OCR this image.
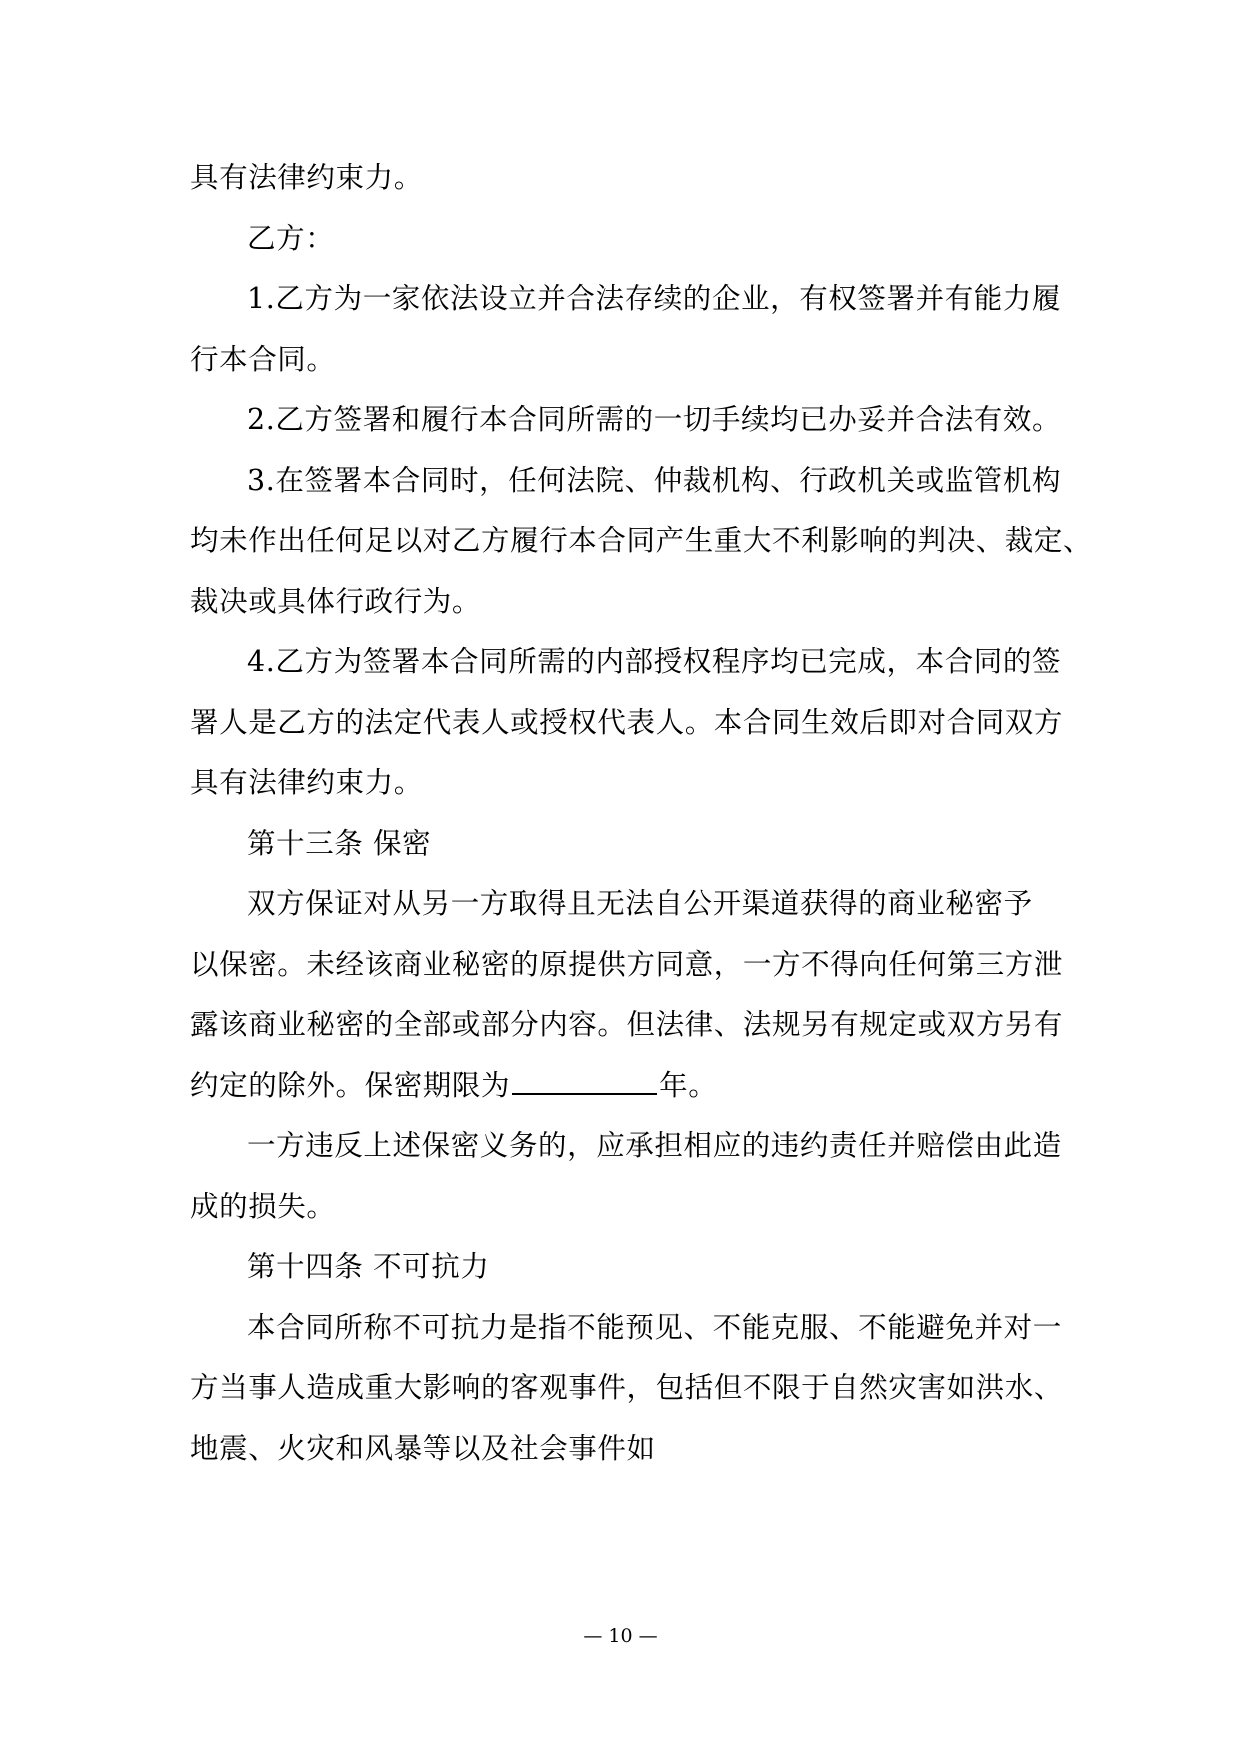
具有法律约束力。
乙方：
1.乙方为一家依法设立并合法存续的企业，有权签署并有能力履
行本合同。
2.乙方签署和履行本合同所需的一切手续均已办妥并合法有效。
3.在签署本合同时，任何法院、仲裁机构、行政机关或监管机构
均未作出任何足以对乙方履行本合同产生重大不利影响的判决、裁定、
裁决或具体行政行为。
4.乙方为签署本合同所需的内部授权程序均已完成，本合同的签
署人是乙方的法定代表人或授权代表人。本合同生效后即对合同双方
具有法律约束力。
第十三条 保密
双方保证对从另一方取得且无法自公开渠道获得的商业秘密予
以保密。未经该商业秘密的原提供方同意，一方不得向任何第三方泄
露该商业秘密的全部或部分内容。但法律、法规另有规定或双方另有
约定的除外。保密期限为	年。
一方违反上述保密义务的，应承担相应的违约责任并赔偿由此造
成的损失。
第十四条 不可抗力
本合同所称不可抗力是指不能预见、不能克服、不能避免并对一
方当事人造成重大影响的客观事件，包括但不限于自然灾害如洪水、
地震、火灾和风暴等以及社会事件如
— 10 —
